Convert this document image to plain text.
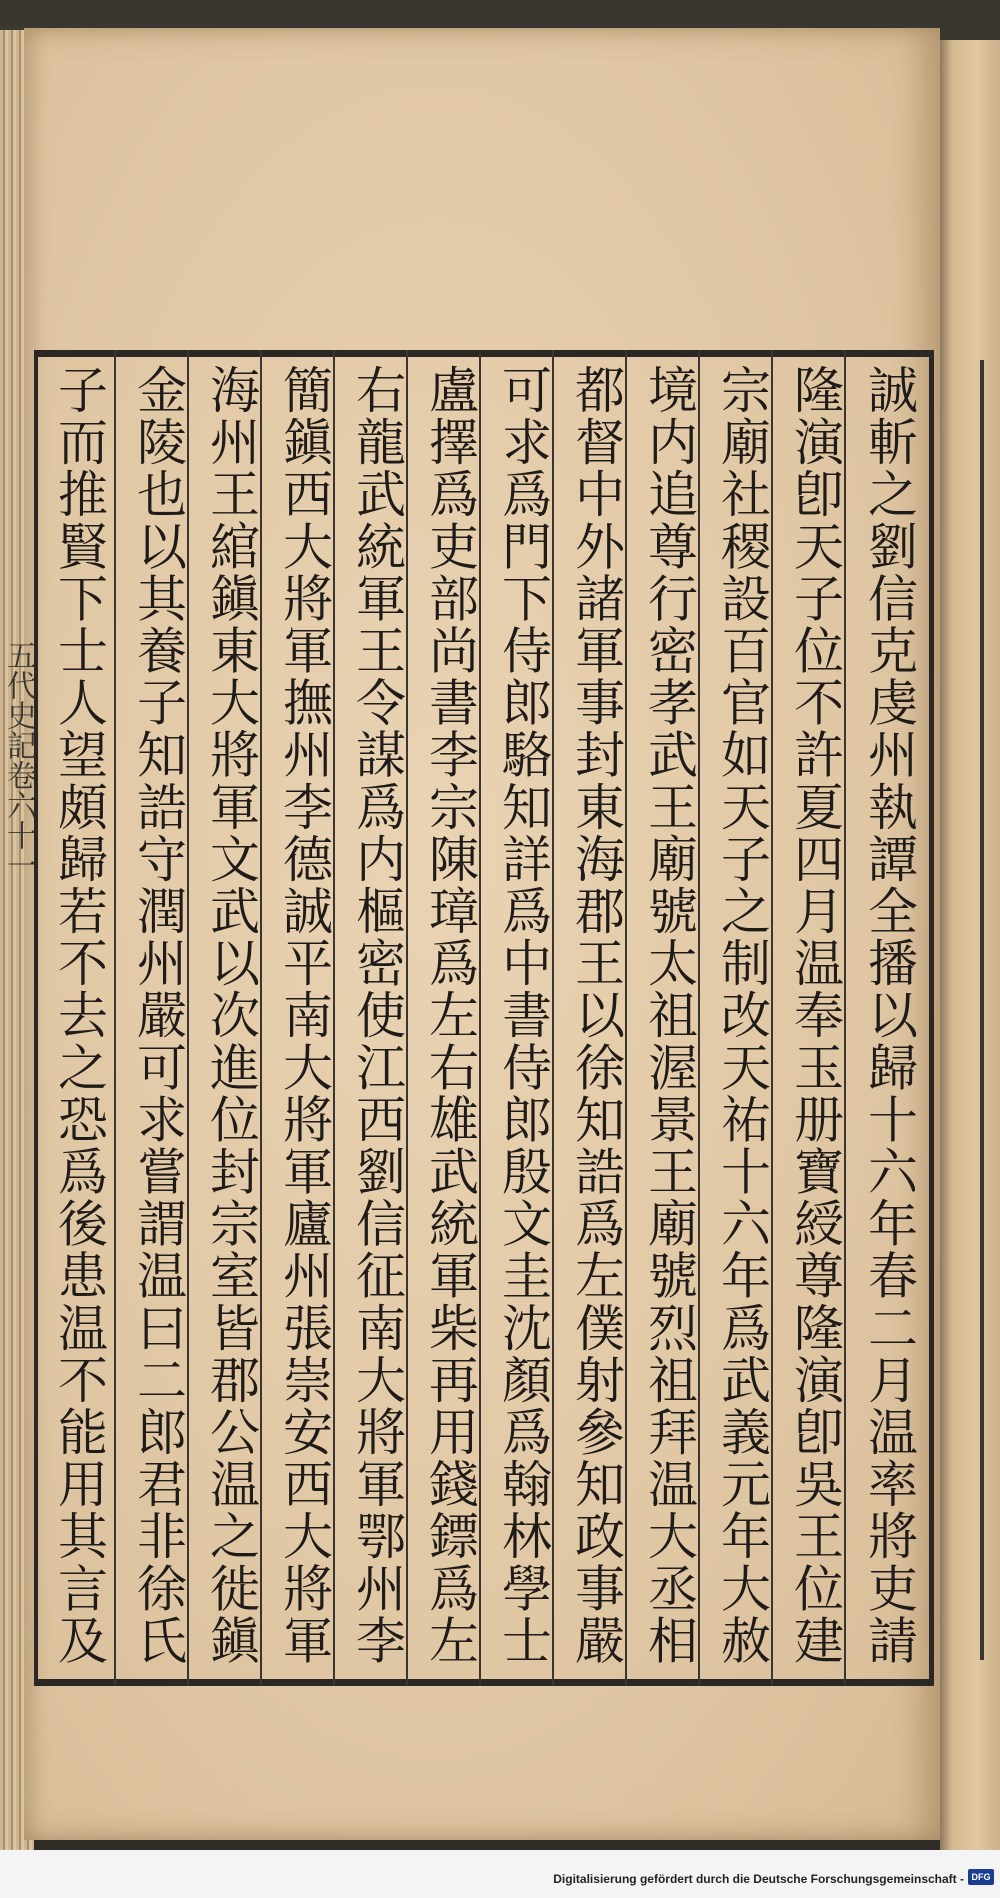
五代史記卷六十一	誠斬之劉信克虔州執譚全播以歸十六年春二月温率將吏請
隆演卽天子位不許夏四月温奉玉册寶綬尊隆演卽吳王位建
宗廟社稷設百官如天子之制改天祐十六年爲武義元年大赦
境内追尊行密孝武王廟號太祖渥景王廟號烈祖拜温大丞相
都督中外諸軍事封東海郡王以徐知誥爲左僕射參知政事嚴
可求爲門下侍郎駱知詳爲中書侍郎殷文圭沈顏爲翰林學士
盧擇爲吏部尚書李宗陳璋爲左右雄武統軍柴再用錢鏢爲左
右龍武統軍王令謀爲内樞密使江西劉信征南大將軍鄂州李
簡鎭西大將軍撫州李德誠平南大將軍廬州張崇安西大將軍
海州王綰鎭東大將軍文武以次進位封宗室皆郡公温之徙鎭
金陵也以其養子知誥守潤州嚴可求嘗謂温曰二郎君非徐氏
子而推賢下士人望頗歸若不去之恐爲後患温不能用其言及
Digitalisierung gefördert durch die Deutsche Forschungsgemeinschaft - DFG
